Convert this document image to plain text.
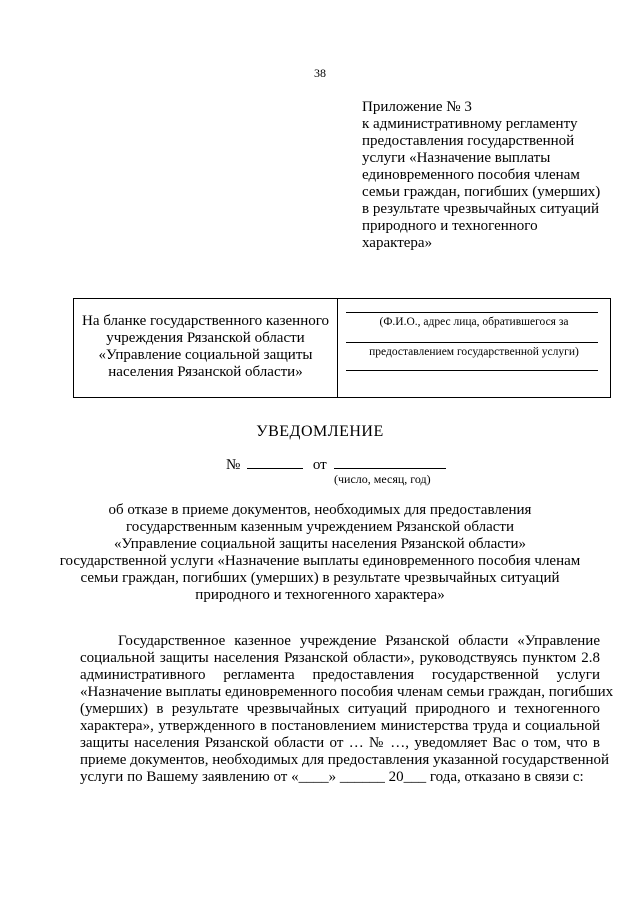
38
Приложение № 3
к административному регламенту
предоставления государственной
услуги «Назначение выплаты
единовременного пособия членам
семьи граждан, погибших (умерших)
в результате чрезвычайных ситуаций
природного и техногенного
характера»
На бланке государственного казенного
учреждения Рязанской области
«Управление социальной защиты
населения Рязанской области»
(Ф.И.О., адрес лица, обратившегося за
предоставлением государственной услуги)
УВЕДОМЛЕНИЕ
№	от
(число, месяц, год)
об отказе в приеме документов, необходимых для предоставления
государственным казенным учреждением Рязанской области
«Управление социальной защиты населения Рязанской области»
государственной услуги «Назначение выплаты единовременного пособия членам
семьи граждан, погибших (умерших) в результате чрезвычайных ситуаций
природного и техногенного характера»
Государственное казенное учреждение Рязанской области «Управление
социальной защиты населения Рязанской области», руководствуясь пунктом 2.8
административного регламента предоставления государственной услуги
«Назначение выплаты единовременного пособия членам семьи граждан, погибших
(умерших) в результате чрезвычайных ситуаций природного и техногенного
характера», утвержденного в постановлением министерства труда и социальной
защиты населения Рязанской области от … № …, уведомляет Вас о том, что в
приеме документов, необходимых для предоставления указанной государственной
услуги по Вашему заявлению от «____» ______ 20___ года, отказано в связи с:
